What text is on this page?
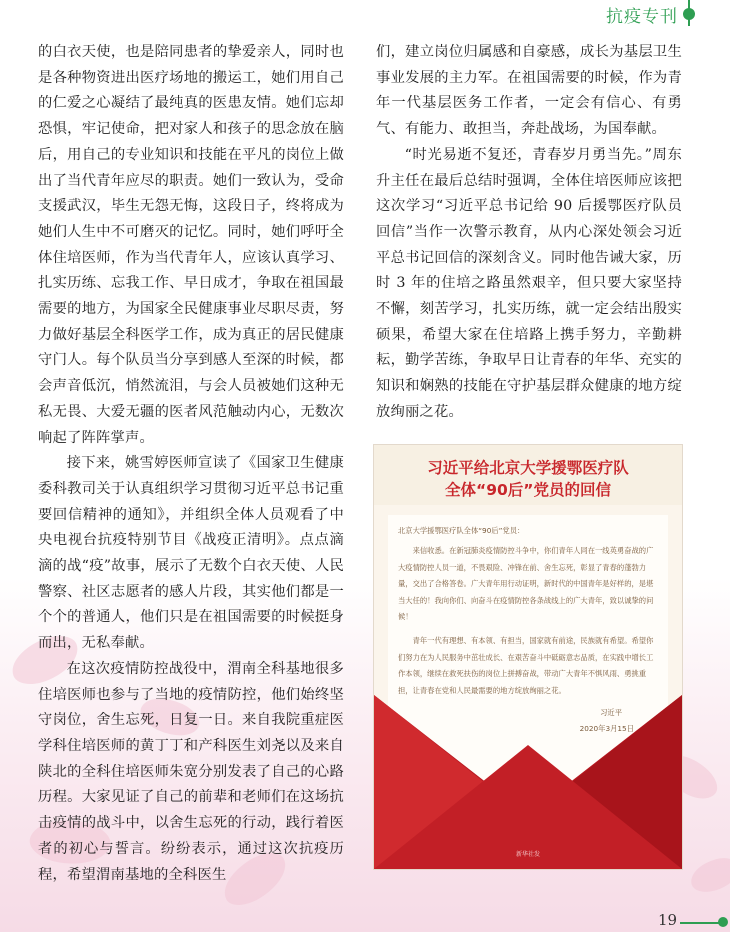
抗疫专刊

的白衣天使，也是陪同患者的挚爱亲人，同时也是各种物资进出医疗场地的搬运工，她们用自己的仁爱之心凝结了最纯真的医患友情。她们忘却恐惧，牢记使命，把对家人和孩子的思念放在脑后，用自己的专业知识和技能在平凡的岗位上做出了当代青年应尽的职责。她们一致认为，受命支援武汉，毕生无怨无悔，这段日子，终将成为她们人生中不可磨灭的记忆。同时，她们呼吁全体住培医师，作为当代青年人，应该认真学习、扎实历练、忘我工作、早日成才，争取在祖国最需要的地方，为国家全民健康事业尽职尽责，努力做好基层全科医学工作，成为真正的居民健康守门人。每个队员当分享到感人至深的时候，都会声音低沉，悄然流泪，与会人员被她们这种无私无畏、大爱无疆的医者风范触动内心，无数次响起了阵阵掌声。

接下来，姚雪婷医师宣读了《国家卫生健康委科教司关于认真组织学习贯彻习近平总书记重要回信精神的通知》，并组织全体人员观看了中央电视台抗疫特别节目《战疫正清明》。点点滴滴的战“疫”故事，展示了无数个白衣天使、人民警察、社区志愿者的感人片段，其实他们都是一个个的普通人，他们只是在祖国需要的时候挺身而出，无私奉献。

在这次疫情防控战役中，渭南全科基地很多住培医师也参与了当地的疫情防控，他们始终坚守岗位，舍生忘死，日复一日。来自我院重症医学科住培医师的黄丁丁和产科医生刘尧以及来自陕北的全科住培医师朱宽分别发表了自己的心路历程。大家见证了自己的前辈和老师们在这场抗击疫情的战斗中，以舍生忘死的行动，践行着医者的初心与誓言。纷纷表示，通过这次抗疫历程，希望渭南基地的全科医生

们，建立岗位归属感和自豪感，成长为基层卫生事业发展的主力军。在祖国需要的时候，作为青年一代基层医务工作者，一定会有信心、有勇气、有能力、敢担当，奔赴战场，为国奉献。

“时光易逝不复还，青春岁月勇当先。”周东升主任在最后总结时强调，全体住培医师应该把这次学习“习近平总书记给 90 后援鄂医疗队员回信”当作一次警示教育，从内心深处领会习近平总书记回信的深刻含义。同时他告诫大家，历时 3 年的住培之路虽然艰辛，但只要大家坚持不懈，刻苦学习，扎实历练，就一定会结出殷实硕果，希望大家在住培路上携手努力，辛勤耕耘，勤学苦练，争取早日让青春的年华、充实的知识和娴熟的技能在守护基层群众健康的地方绽放绚丽之花。

习近平给北京大学援鄂医疗队
全体“90后”党员的回信

北京大学援鄂医疗队全体“90后”党员：

来信收悉。在新冠肺炎疫情防控斗争中，你们青年人同在一线英勇奋战的广大疫情防控人员一道，不畏艰险、冲锋在前、舍生忘死，彰显了青春的蓬勃力量，交出了合格答卷。广大青年用行动证明，新时代的中国青年是好样的，是堪当大任的！我向你们、向奋斗在疫情防控各条战线上的广大青年，致以诚挚的问候！

青年一代有理想、有本领、有担当，国家就有前途，民族就有希望。希望你们努力在为人民服务中茁壮成长、在艰苦奋斗中砥砺意志品质，在实践中增长工作本领，继续在救死扶伤的岗位上拼搏奋战，带动广大青年不惧风雨、勇挑重担，让青春在党和人民最需要的地方绽放绚丽之花。

习近平

2020年3月15日

新华社发
19
